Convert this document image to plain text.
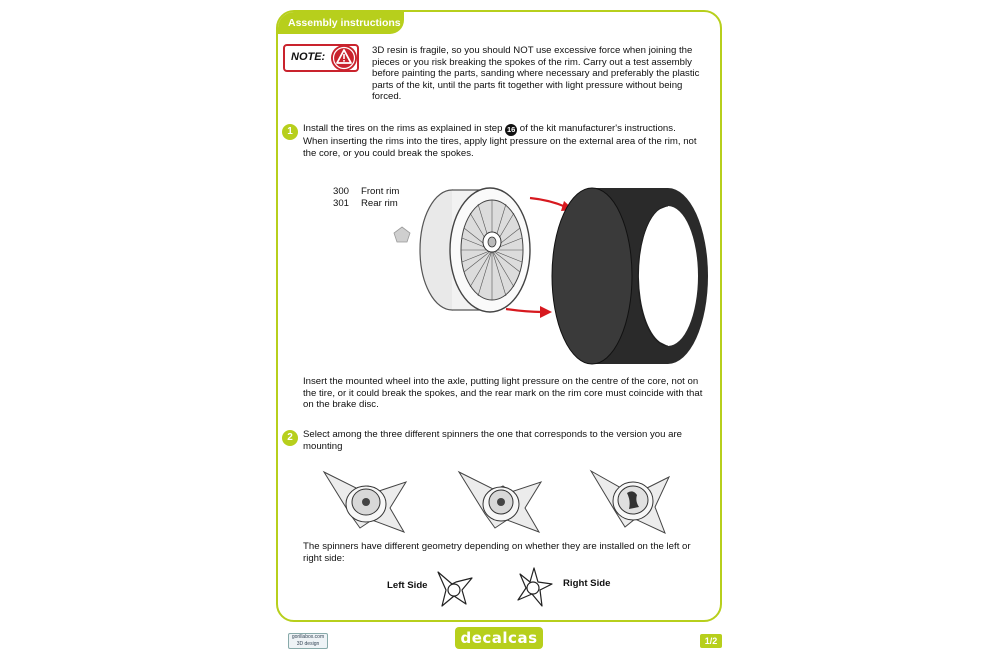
Assembly instructions
NOTE:
3D resin is fragile, so you should NOT use excessive force when joining the pieces or you risk breaking the spokes of the rim. Carry out a test assembly before painting the parts, sanding where necessary and preferably the plastic parts of the kit, until the parts fit together with light pressure without being forced.
1	Install the tires on the rims as explained in step 16 of the kit manufacturer's instructions.
When inserting the rims into the tires, apply light pressure on the external area of the rim, not the core, or you could break the spokes.
300 Front rim
301 Rear rim
Insert the mounted wheel into the axle, putting light pressure on the centre of the core, not on the tire, or it could break the spokes, and the rear mark on the rim core must coincide with that on the brake disc.
2	Select among the three different spinners the one that corresponds to the version you are mounting
The spinners have different geometry depending on whether they are installed on the left or right side:
Left Side	Right Side
gorillabox.com
3D design	decalcas	1/2
